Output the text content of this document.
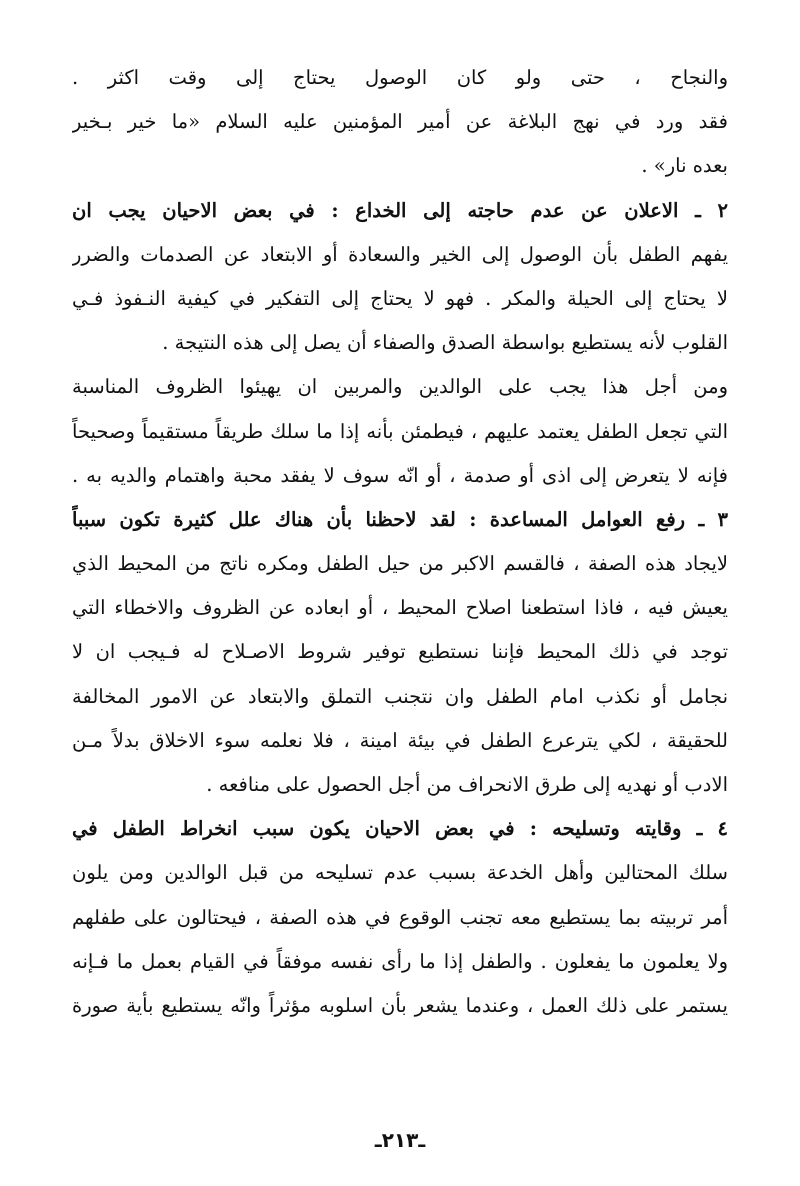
والنجاح ، حتى ولو كان الوصول يحتاج إلى وقت اكثر .
فقد ورد في نهج البلاغة عن أمير المؤمنين عليه السلام «ما خير بـخير
بعده نار» .
٢ ـ الاعلان عن عدم حاجته إلى الخداع : في بعض الاحيان يجب ان
يفهم الطفل بأن الوصول إلى الخير والسعادة أو الابتعاد عن الصدمات والضرر
لا يحتاج إلى الحيلة والمكر . فهو لا يحتاج إلى التفكير في كيفية النـفوذ فـي
القلوب لأنه يستطيع بواسطة الصدق والصفاء أن يصل إلى هذه النتيجة .
ومن أجل هذا يجب على الوالدين والمربين ان يهيئوا الظروف المناسبة
التي تجعل الطفل يعتمد عليهم ، فيطمئن بأنه إذا ما سلك طريقاً مستقيماً وصحيحاً
فإنه لا يتعرض إلى اذى أو صدمة ، أو انّه سوف لا يفقد محبة واهتمام والديه به .
٣ ـ رفع العوامل المساعدة : لقد لاحظنا بأن هناك علل كثيرة تكون سبباً
لايجاد هذه الصفة ، فالقسم الاكبر من حيل الطفل ومكره ناتج من المحيط الذي
يعيش فيه ، فاذا استطعنا اصلاح المحيط ، أو ابعاده عن الظروف والاخطاء التي
توجد في ذلك المحيط فإننا نستطيع توفير شروط الاصـلاح له فـيجب ان لا
نجامل أو نكذب امام الطفل وان نتجنب التملق والابتعاد عن الامور المخالفة
للحقيقة ، لكي يترعرع الطفل في بيئة امينة ، فلا نعلمه سوء الاخلاق بدلاً مـن
الادب أو نهديه إلى طرق الانحراف من أجل الحصول على منافعه .
٤ ـ وقايته وتسليحه : في بعض الاحيان يكون سبب انخراط الطفل في
سلك المحتالين وأهل الخدعة بسبب عدم تسليحه من قبل الوالدين ومن يلون
أمر تربيته بما يستطيع معه تجنب الوقوع في هذه الصفة ، فيحتالون على طفلهم
ولا يعلمون ما يفعلون . والطفل إذا ما رأى نفسه موفقاً في القيام بعمل ما فـإنه
يستمر على ذلك العمل ، وعندما يشعر بأن اسلوبه مؤثراً وانّه يستطيع بأية صورة
ـ٢١٣ـ
